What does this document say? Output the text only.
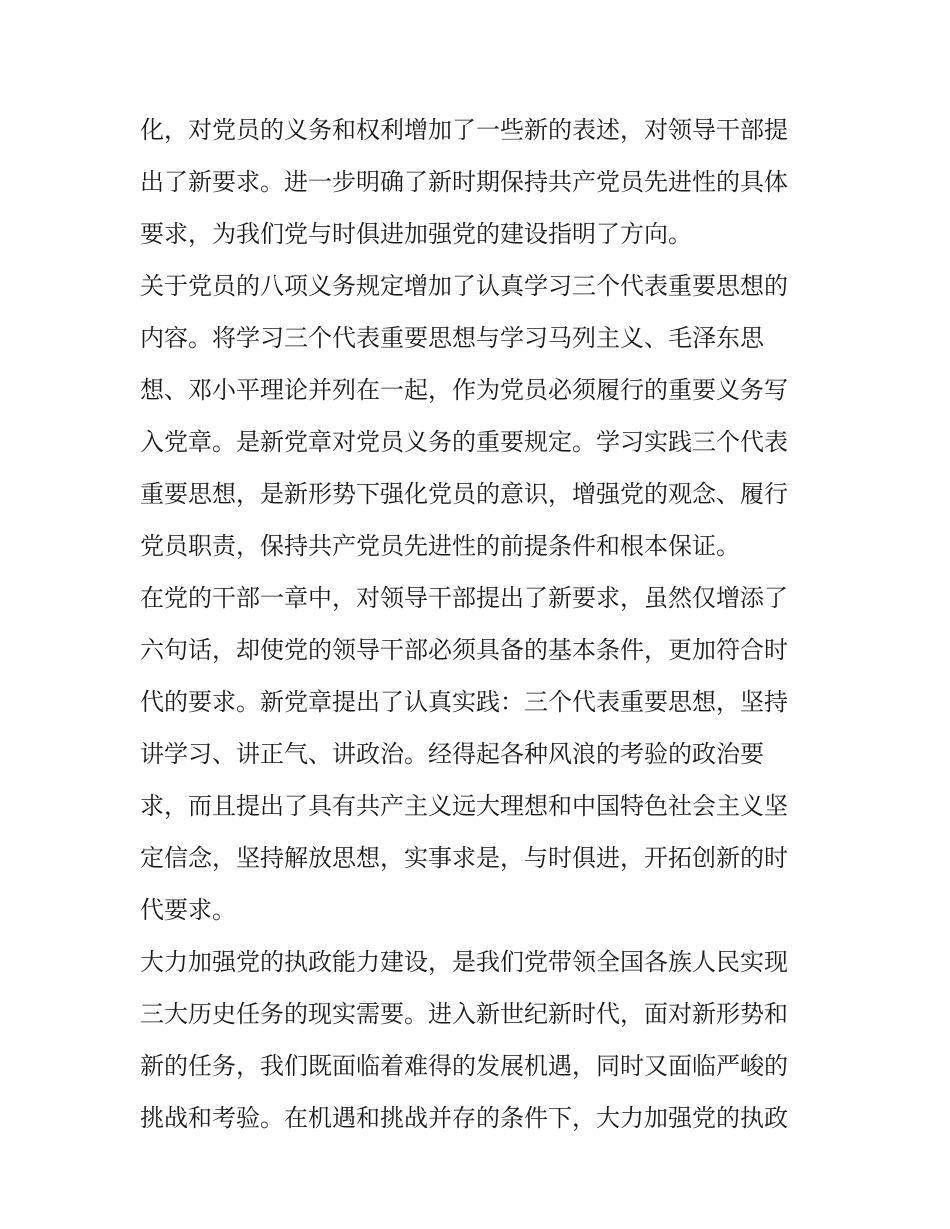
化，对党员的义务和权利增加了一些新的表述，对领导干部提
出了新要求。进一步明确了新时期保持共产党员先进性的具体
要求，为我们党与时俱进加强党的建设指明了方向。
关于党员的八项义务规定增加了认真学习三个代表重要思想的
内容。将学习三个代表重要思想与学习马列主义、毛泽东思
想、邓小平理论并列在一起，作为党员必须履行的重要义务写
入党章。是新党章对党员义务的重要规定。学习实践三个代表
重要思想，是新形势下强化党员的意识，增强党的观念、履行
党员职责，保持共产党员先进性的前提条件和根本保证。
在党的干部一章中，对领导干部提出了新要求，虽然仅增添了
六句话，却使党的领导干部必须具备的基本条件，更加符合时
代的要求。新党章提出了认真实践：三个代表重要思想，坚持
讲学习、讲正气、讲政治。经得起各种风浪的考验的政治要
求，而且提出了具有共产主义远大理想和中国特色社会主义坚
定信念，坚持解放思想，实事求是，与时俱进，开拓创新的时
代要求。
大力加强党的执政能力建设，是我们党带领全国各族人民实现
三大历史任务的现实需要。进入新世纪新时代，面对新形势和
新的任务，我们既面临着难得的发展机遇，同时又面临严峻的
挑战和考验。在机遇和挑战并存的条件下，大力加强党的执政
